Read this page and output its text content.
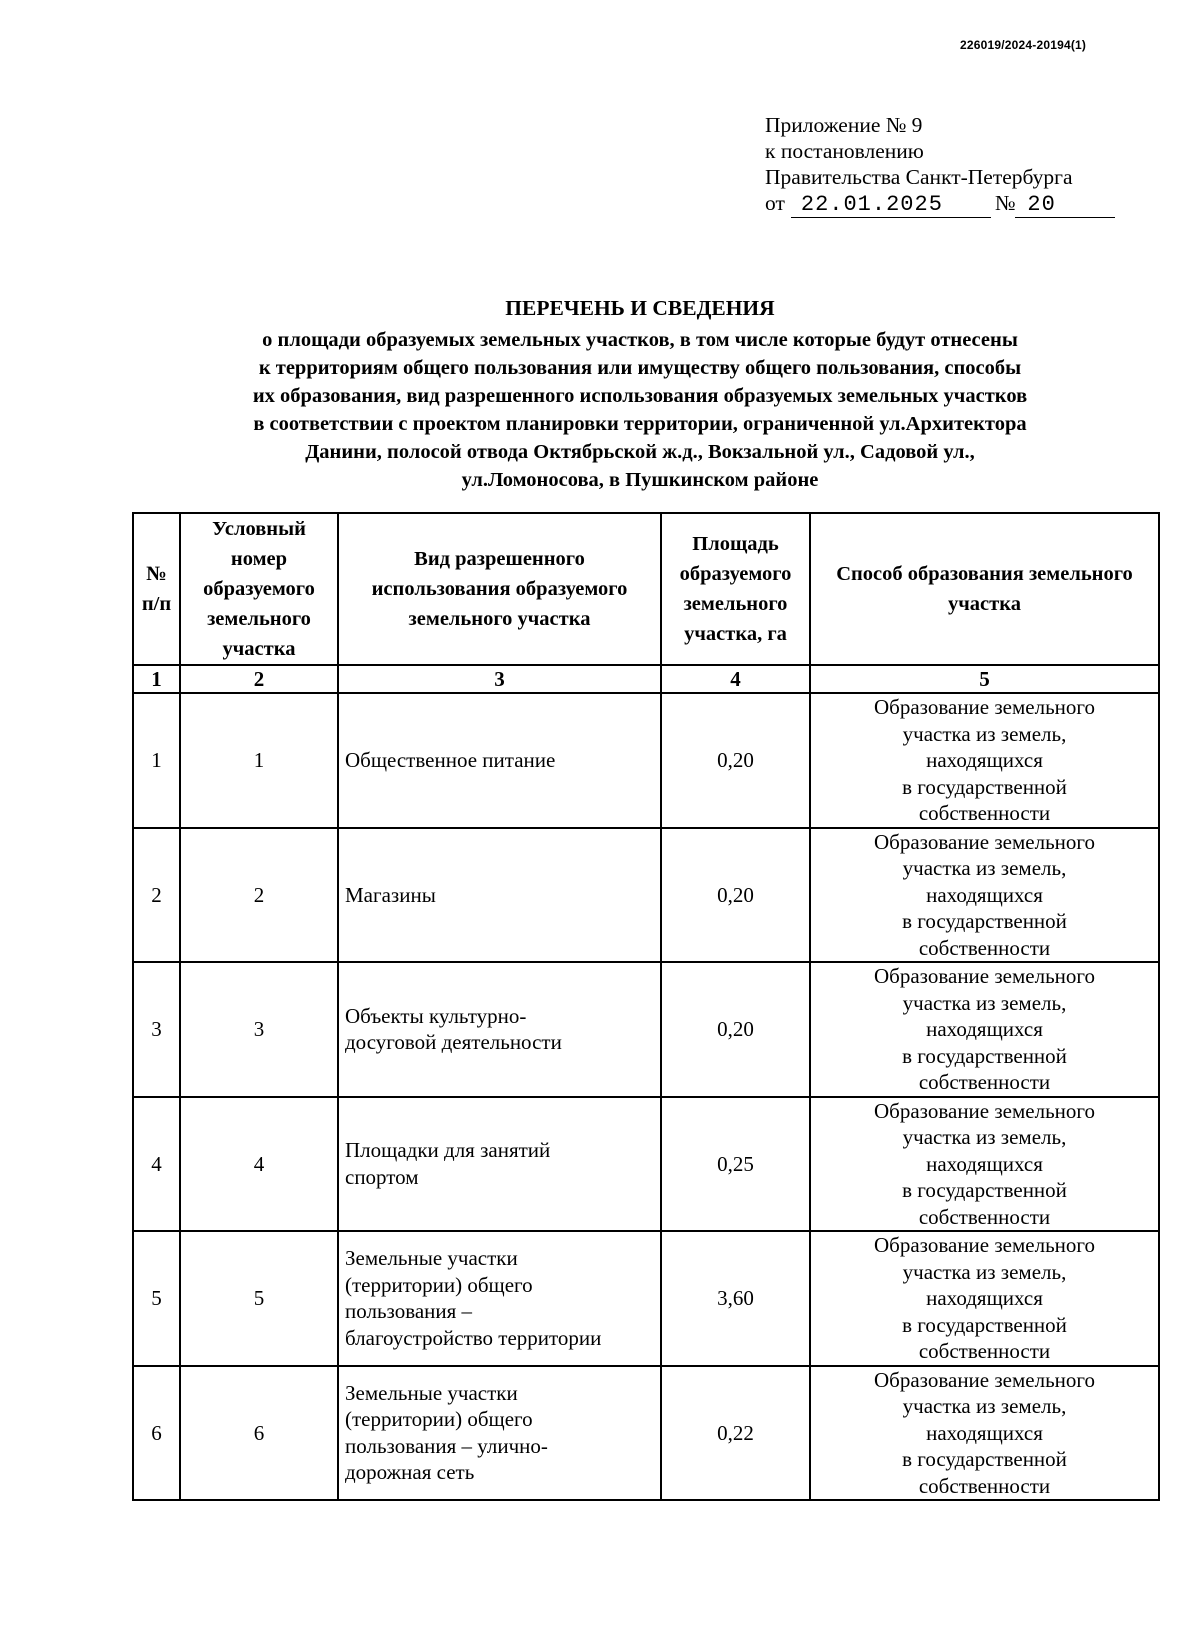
226019/2024-20194(1)
Приложение № 9
к постановлению
Правительства Санкт-Петербурга
от 22.01.2025	№ 20
ПЕРЕЧЕНЬ И СВЕДЕНИЯ
о площади образуемых земельных участков, в том числе которые будут отнесены
к территориям общего пользования или имуществу общего пользования, способы
их образования, вид разрешенного использования образуемых земельных участков
в соответствии с проектом планировки территории, ограниченной ул.Архитектора
Данини, полосой отвода Октябрьской ж.д., Вокзальной ул., Садовой ул.,
ул.Ломоносова, в Пушкинском районе
№ п/п	Условный номер образуемого земельного участка	Вид разрешенного использования образуемого земельного участка	Площадь образуемого земельного участка, га	Способ образования земельного участка
1	2	3	4	5
1	1	Общественное питание	0,20	Образование земельного
участка из земель,
находящихся
в государственной
собственности
2	2	Магазины	0,20	Образование земельного
участка из земель,
находящихся
в государственной
собственности
3	3	Объекты культурно-
досуговой деятельности	0,20	Образование земельного
участка из земель,
находящихся
в государственной
собственности
4	4	Площадки для занятий
спортом	0,25	Образование земельного
участка из земель,
находящихся
в государственной
собственности
5	5	Земельные участки
(территории) общего
пользования –
благоустройство территории	3,60	Образование земельного
участка из земель,
находящихся
в государственной
собственности
6	6	Земельные участки
(территории) общего
пользования – улично-
дорожная сеть	0,22	Образование земельного
участка из земель,
находящихся
в государственной
собственности
